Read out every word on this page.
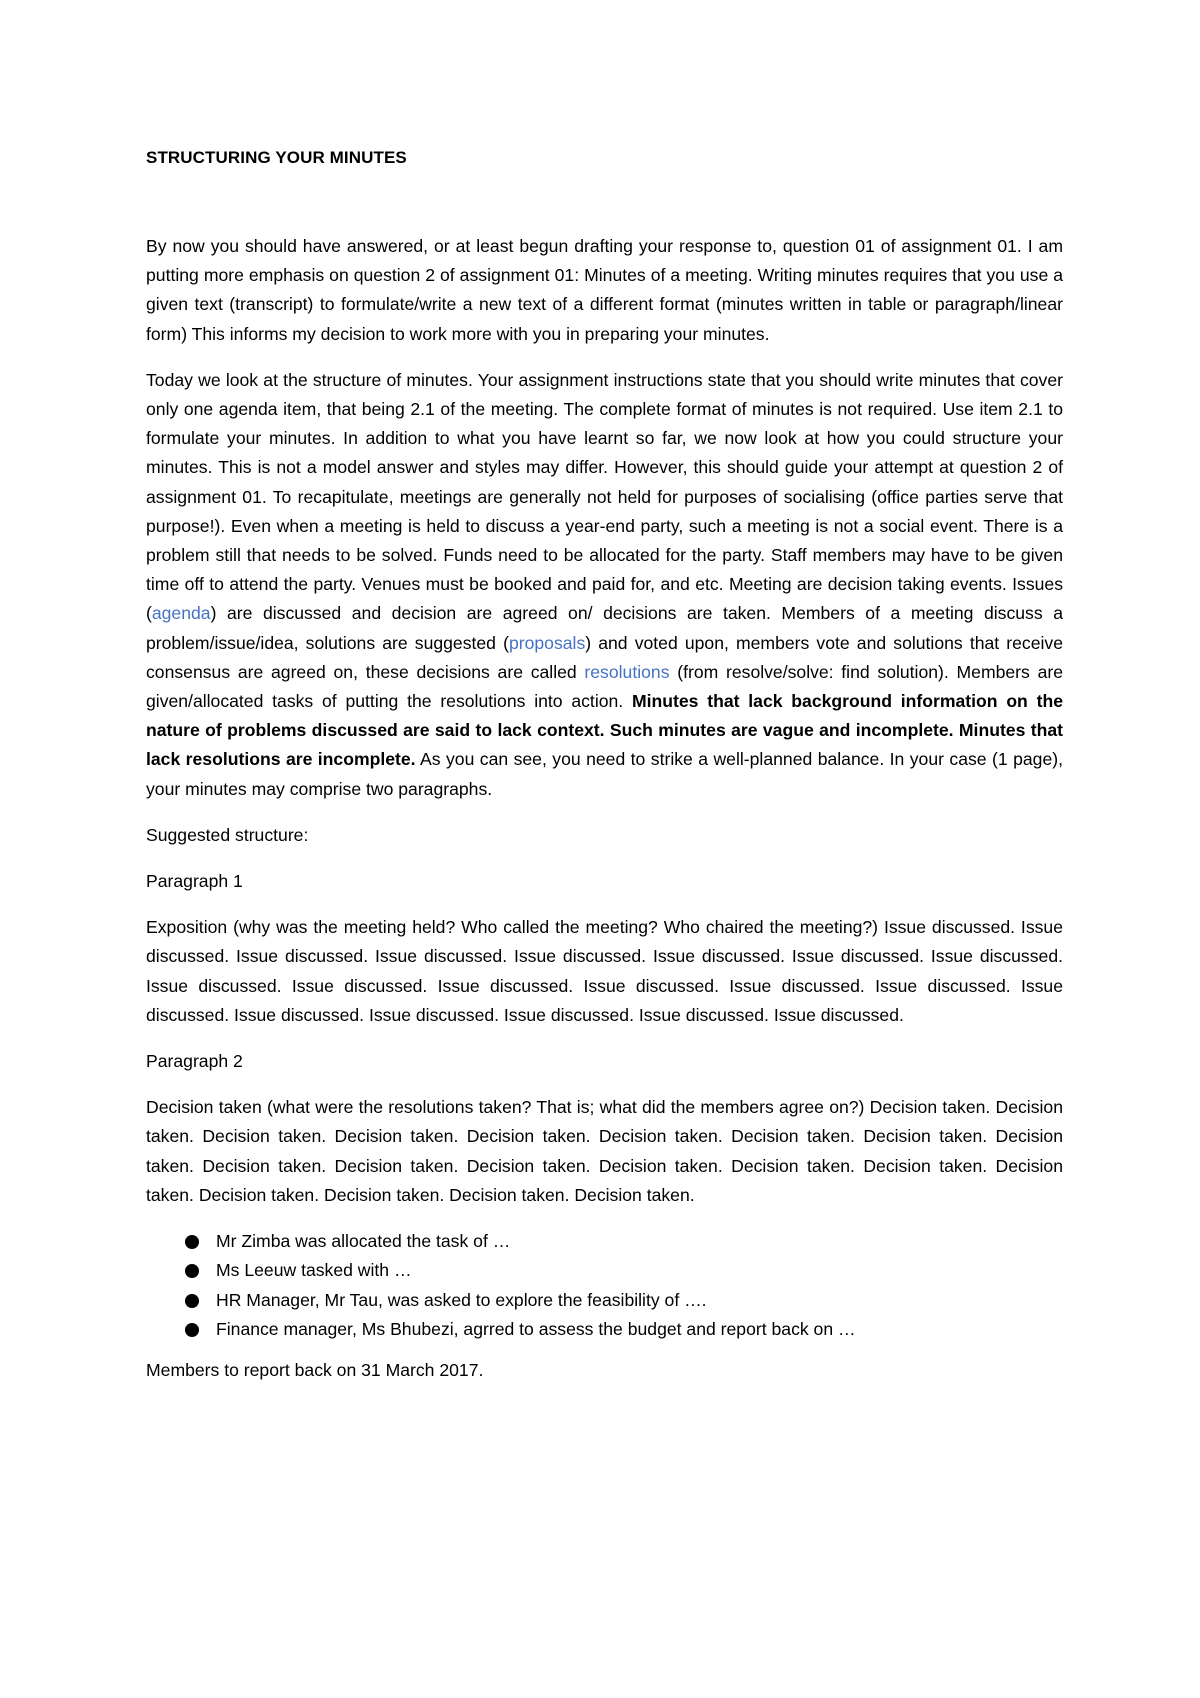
STRUCTURING YOUR MINUTES

By now you should have answered, or at least begun drafting your response to, question 01 of assignment 01. I am putting more emphasis on question 2 of assignment 01: Minutes of a meeting. Writing minutes requires that you use a given text (transcript) to formulate/write a new text of a different format (minutes written in table or paragraph/linear form) This informs my decision to work more with you in preparing your minutes.

Today we look at the structure of minutes. Your assignment instructions state that you should write minutes that cover only one agenda item, that being 2.1 of the meeting. The complete format of minutes is not required. Use item 2.1 to formulate your minutes. In addition to what you have learnt so far, we now look at how you could structure your minutes. This is not a model answer and styles may differ. However, this should guide your attempt at question 2 of assignment 01. To recapitulate, meetings are generally not held for purposes of socialising (office parties serve that purpose!). Even when a meeting is held to discuss a year-end party, such a meeting is not a social event. There is a problem still that needs to be solved. Funds need to be allocated for the party. Staff members may have to be given time off to attend the party. Venues must be booked and paid for, and etc. Meeting are decision taking events. Issues (agenda) are discussed and decision are agreed on/ decisions are taken. Members of a meeting discuss a problem/issue/idea, solutions are suggested (proposals) and voted upon, members vote and solutions that receive consensus are agreed on, these decisions are called resolutions (from resolve/solve: find solution). Members are given/allocated tasks of putting the resolutions into action. Minutes that lack background information on the nature of problems discussed are said to lack context. Such minutes are vague and incomplete. Minutes that lack resolutions are incomplete. As you can see, you need to strike a well-planned balance. In your case (1 page), your minutes may comprise two paragraphs.

Suggested structure:

Paragraph 1

Exposition (why was the meeting held? Who called the meeting? Who chaired the meeting?) Issue discussed. Issue discussed. Issue discussed. Issue discussed. Issue discussed. Issue discussed. Issue discussed. Issue discussed. Issue discussed. Issue discussed. Issue discussed. Issue discussed. Issue discussed. Issue discussed. Issue discussed. Issue discussed. Issue discussed. Issue discussed. Issue discussed. Issue discussed.

Paragraph 2

Decision taken (what were the resolutions taken? That is; what did the members agree on?) Decision taken. Decision taken. Decision taken. Decision taken. Decision taken. Decision taken. Decision taken. Decision taken. Decision taken. Decision taken. Decision taken. Decision taken. Decision taken. Decision taken. Decision taken. Decision taken. Decision taken. Decision taken. Decision taken. Decision taken.

Mr Zimba was allocated the task of …
Ms Leeuw tasked with …
HR Manager, Mr Tau, was asked to explore the feasibility of ….
Finance manager, Ms Bhubezi, agrred to assess the budget and report back on …

Members to report back on 31 March 2017.
